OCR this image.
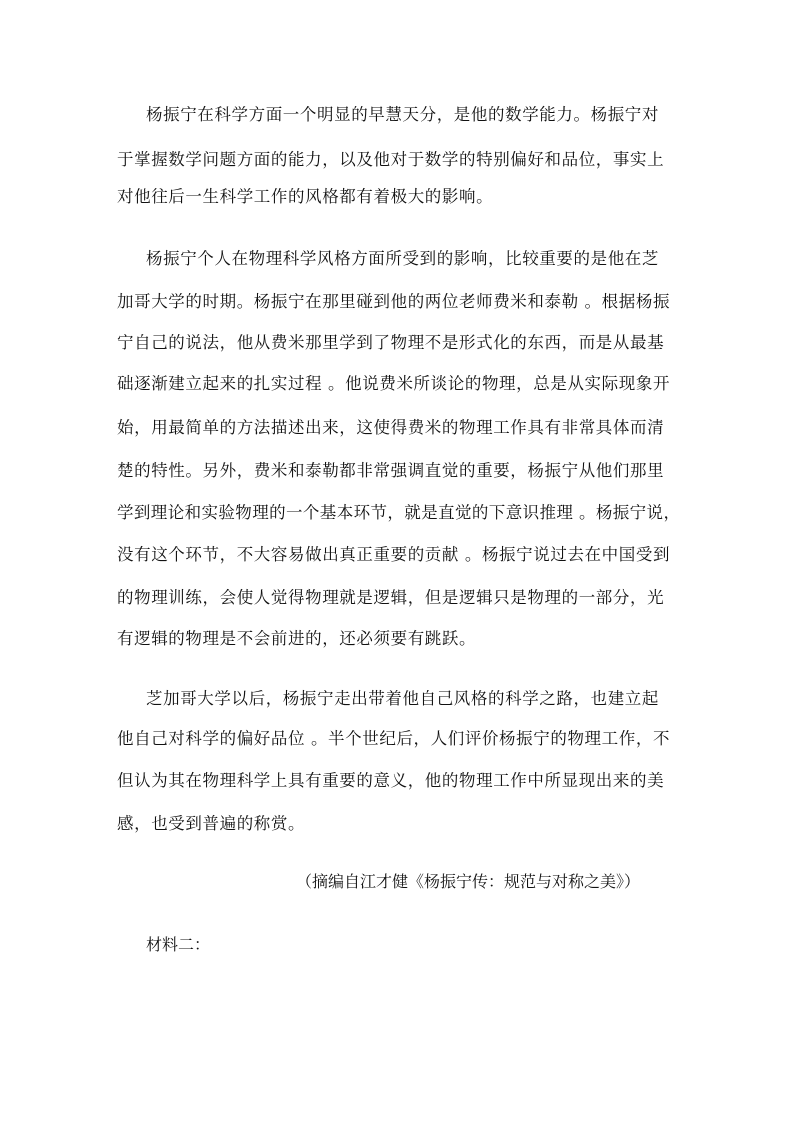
杨振宁在科学方面一个明显的早慧天分，是他的数学能力。杨振宁对
于掌握数学问题方面的能力，以及他对于数学的特别偏好和品位，事实上
对他往后一生科学工作的风格都有着极大的影响。
杨振宁个人在物理科学风格方面所受到的影响，比较重要的是他在芝
加哥大学的时期。杨振宁在那里碰到他的两位老师费米和泰勒 。根据杨振
宁自己的说法，他从费米那里学到了物理不是形式化的东西，而是从最基
础逐渐建立起来的扎实过程 。他说费米所谈论的物理，总是从实际现象开
始，用最简单的方法描述出来，这使得费米的物理工作具有非常具体而清
楚的特性。另外，费米和泰勒都非常强调直觉的重要，杨振宁从他们那里
学到理论和实验物理的一个基本环节，就是直觉的下意识推理 。杨振宁说，
没有这个环节，不大容易做出真正重要的贡献 。杨振宁说过去在中国受到
的物理训练，会使人觉得物理就是逻辑，但是逻辑只是物理的一部分，光
有逻辑的物理是不会前进的，还必须要有跳跃。
芝加哥大学以后，杨振宁走出带着他自己风格的科学之路，也建立起
他自己对科学的偏好品位 。半个世纪后，人们评价杨振宁的物理工作，不
但认为其在物理科学上具有重要的意义，他的物理工作中所显现出来的美
感，也受到普遍的称赏。
（摘编自江才健《杨振宁传：规范与对称之美》）
材料二：
